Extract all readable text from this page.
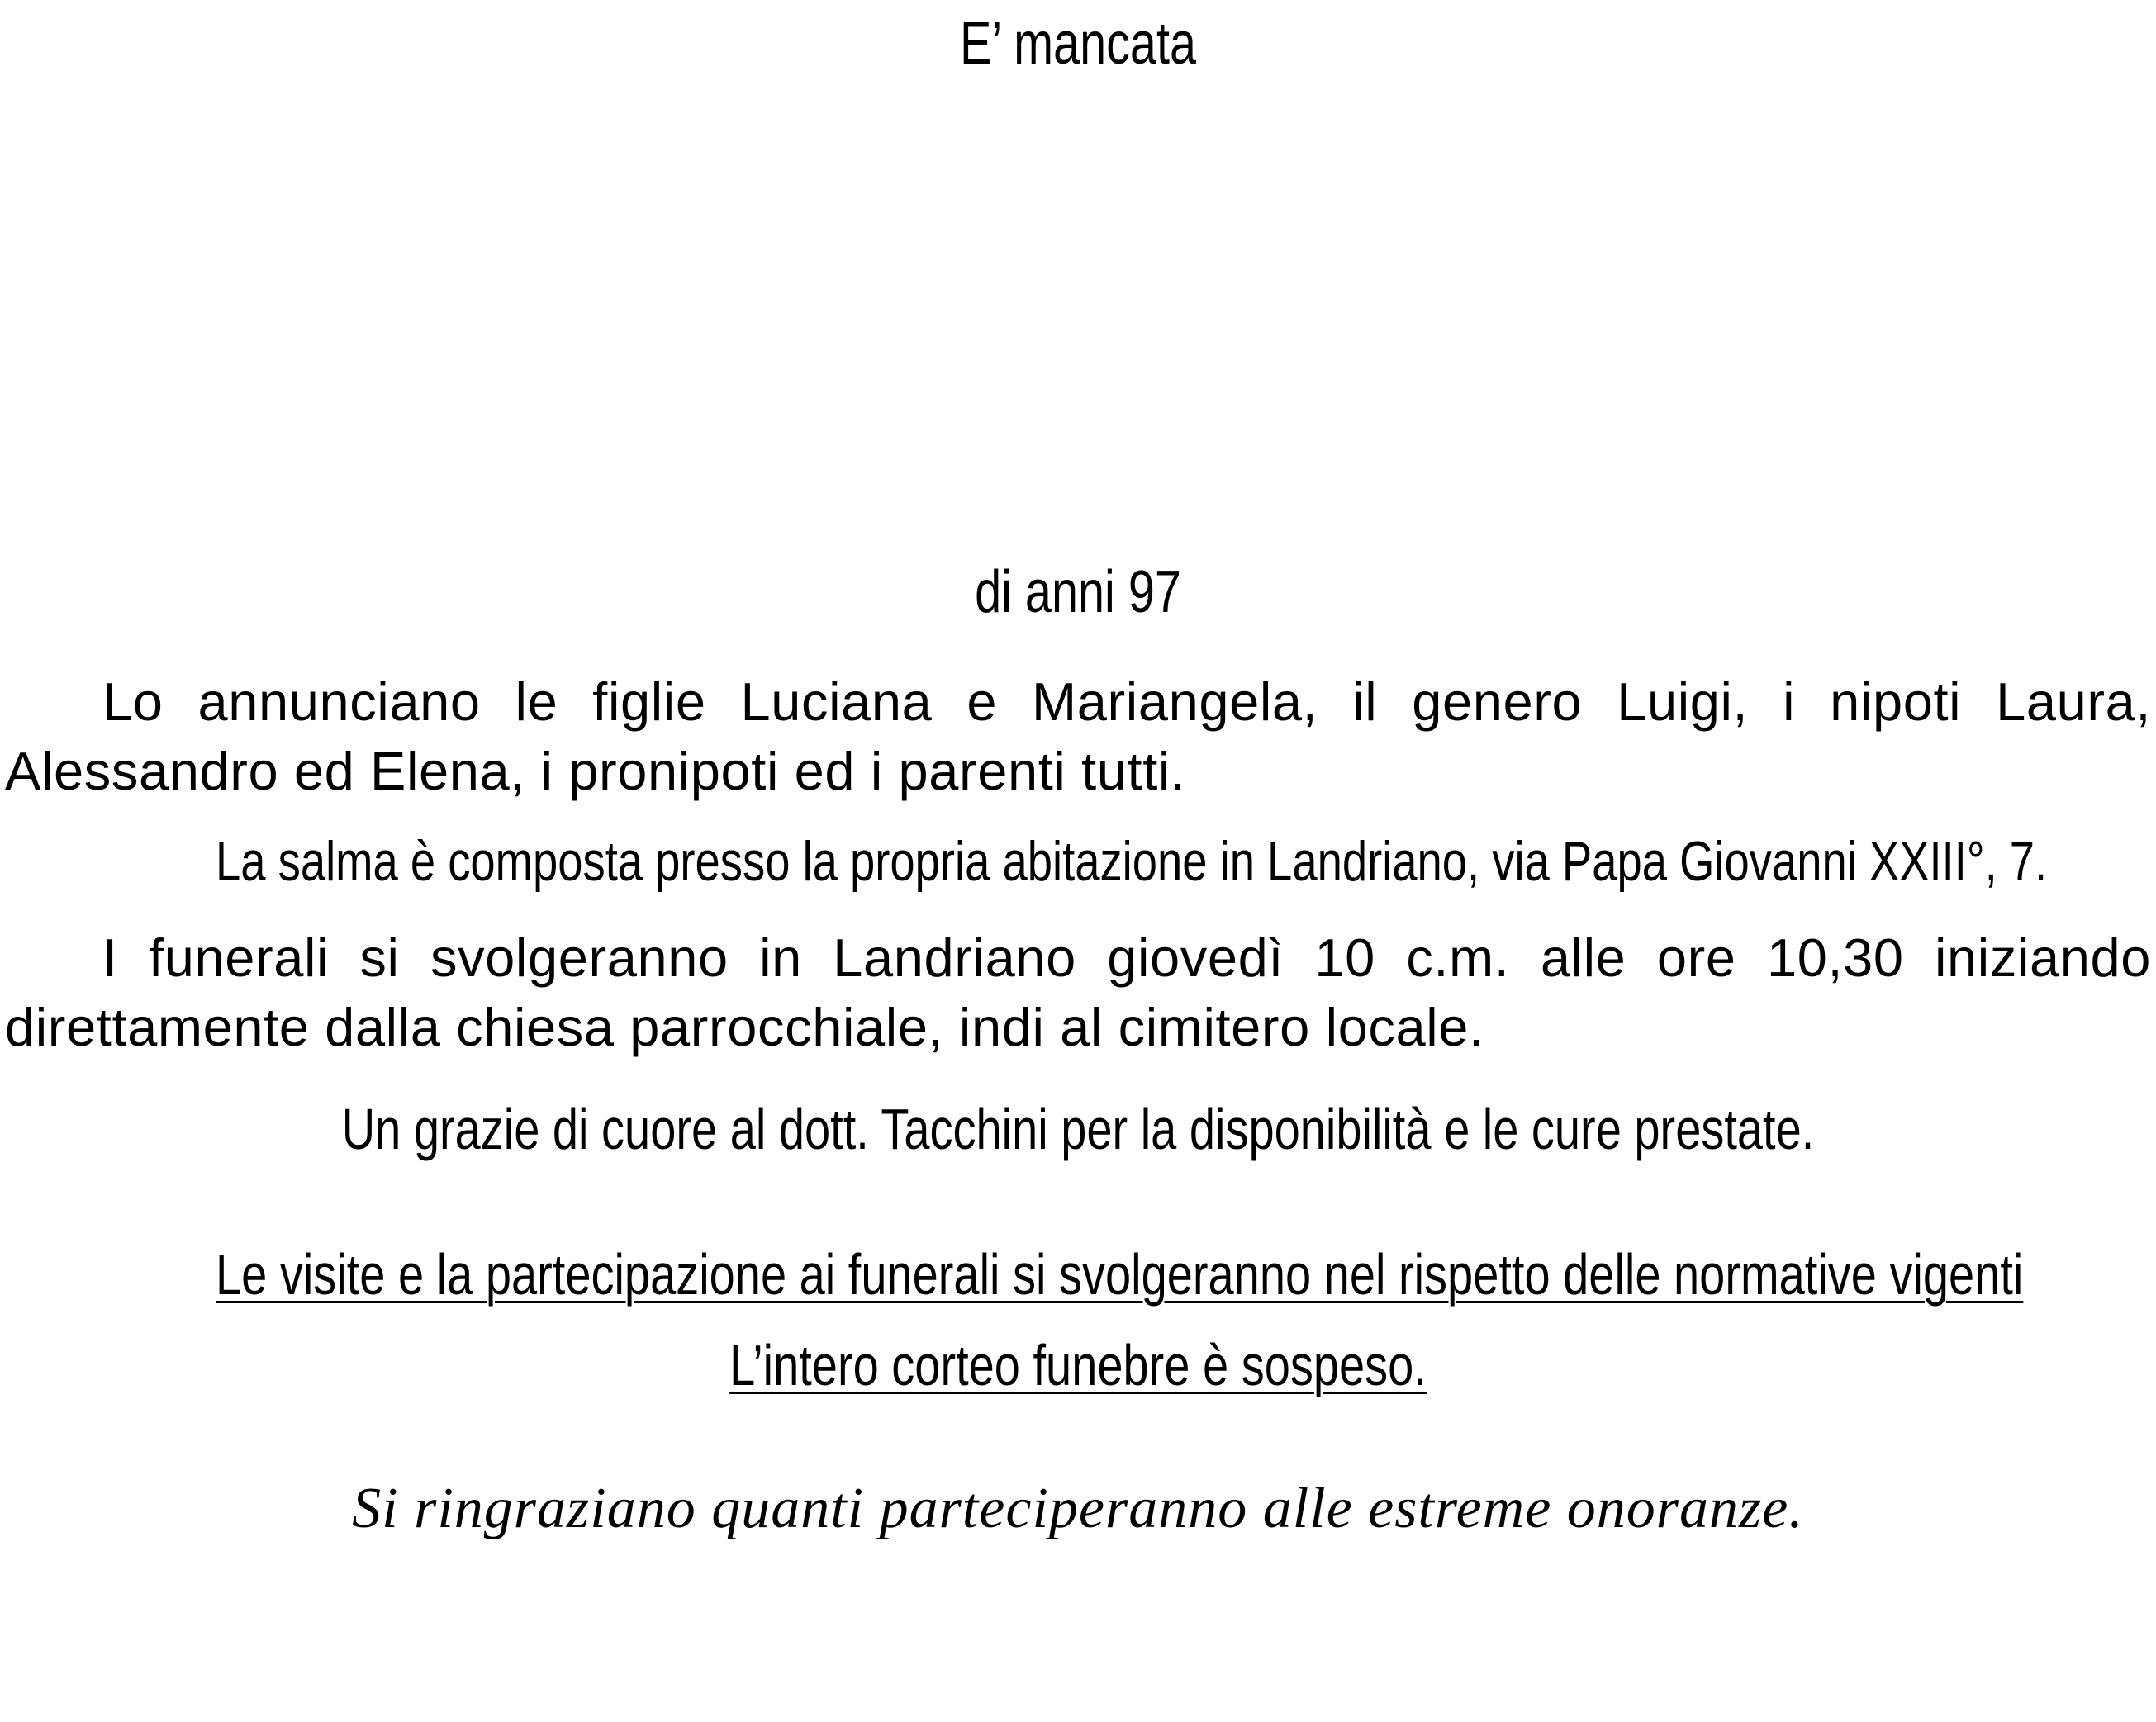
E’ mancata
di anni 97

Lo annunciano le figlie Luciana e Mariangela, il genero Luigi, i nipoti Laura, Alessandro ed Elena, i pronipoti ed i parenti tutti.

La salma è composta presso la propria abitazione in Landriano, via Papa Giovanni XXIII°, 7.

I funerali si svolgeranno in Landriano giovedì 10 c.m. alle ore 10,30 iniziando direttamente dalla chiesa parrocchiale, indi al cimitero locale.

Un grazie di cuore al dott. Tacchini per la disponibilità e le cure prestate.
Le visite e la partecipazione ai funerali si svolgeranno nel rispetto delle normative vigenti
L’intero corteo funebre è sospeso.
Si ringraziano quanti parteciperanno alle estreme onoranze.
